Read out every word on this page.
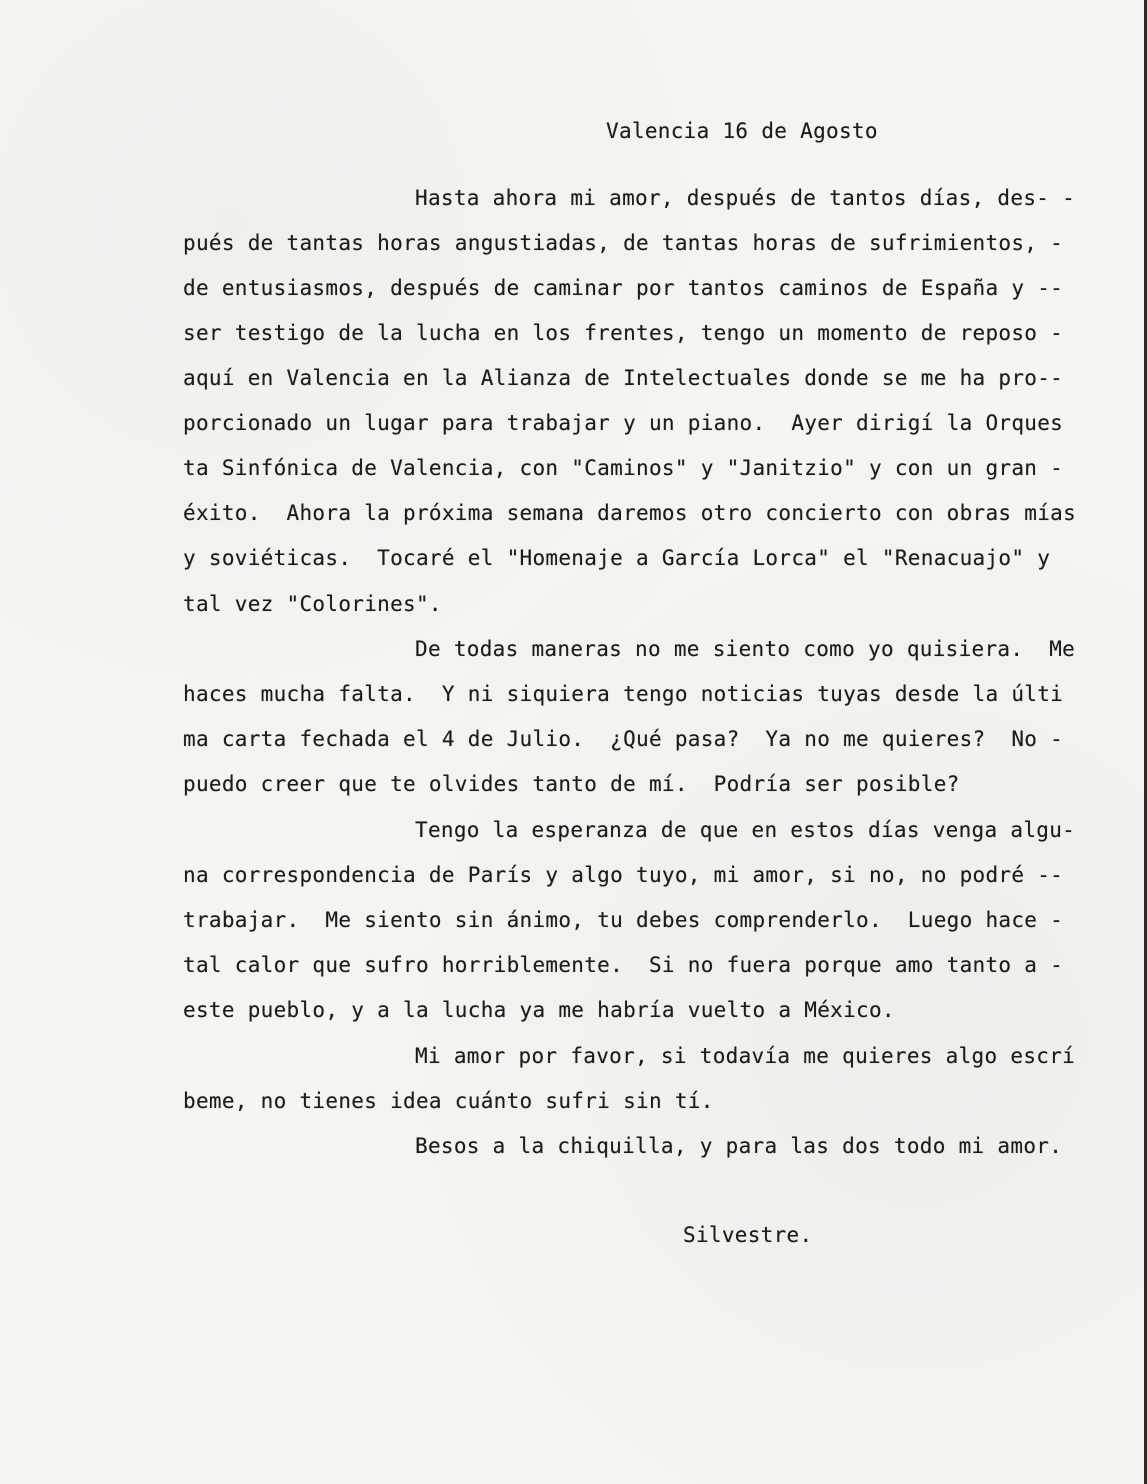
Valencia 16 de Agosto

Hasta ahora mi amor, después de tantos días, des- -

pués de tantas horas angustiadas, de tantas horas de sufrimientos, -

de entusiasmos, después de caminar por tantos caminos de España y --

ser testigo de la lucha en los frentes, tengo un momento de reposo -

aquí en Valencia en la Alianza de Intelectuales donde se me ha pro--

porcionado un lugar para trabajar y un piano.  Ayer dirigí la Orques

ta Sinfónica de Valencia, con "Caminos" y "Janitzio" y con un gran -

éxito.  Ahora la próxima semana daremos otro concierto con obras mías

y soviéticas.  Tocaré el "Homenaje a García Lorca" el "Renacuajo" y

tal vez "Colorines".

De todas maneras no me siento como yo quisiera.  Me

haces mucha falta.  Y ni siquiera tengo noticias tuyas desde la últi

ma carta fechada el 4 de Julio.  ¿Qué pasa?  Ya no me quieres?  No -

puedo creer que te olvides tanto de mí.  Podría ser posible?

Tengo la esperanza de que en estos días venga algu-

na correspondencia de París y algo tuyo, mi amor, si no, no podré --

trabajar.  Me siento sin ánimo, tu debes comprenderlo.  Luego hace -

tal calor que sufro horriblemente.  Si no fuera porque amo tanto a -

este pueblo, y a la lucha ya me habría vuelto a México.

Mi amor por favor, si todavía me quieres algo escrí

beme, no tienes idea cuánto sufri sin tí.

Besos a la chiquilla, y para las dos todo mi amor.

Silvestre.
